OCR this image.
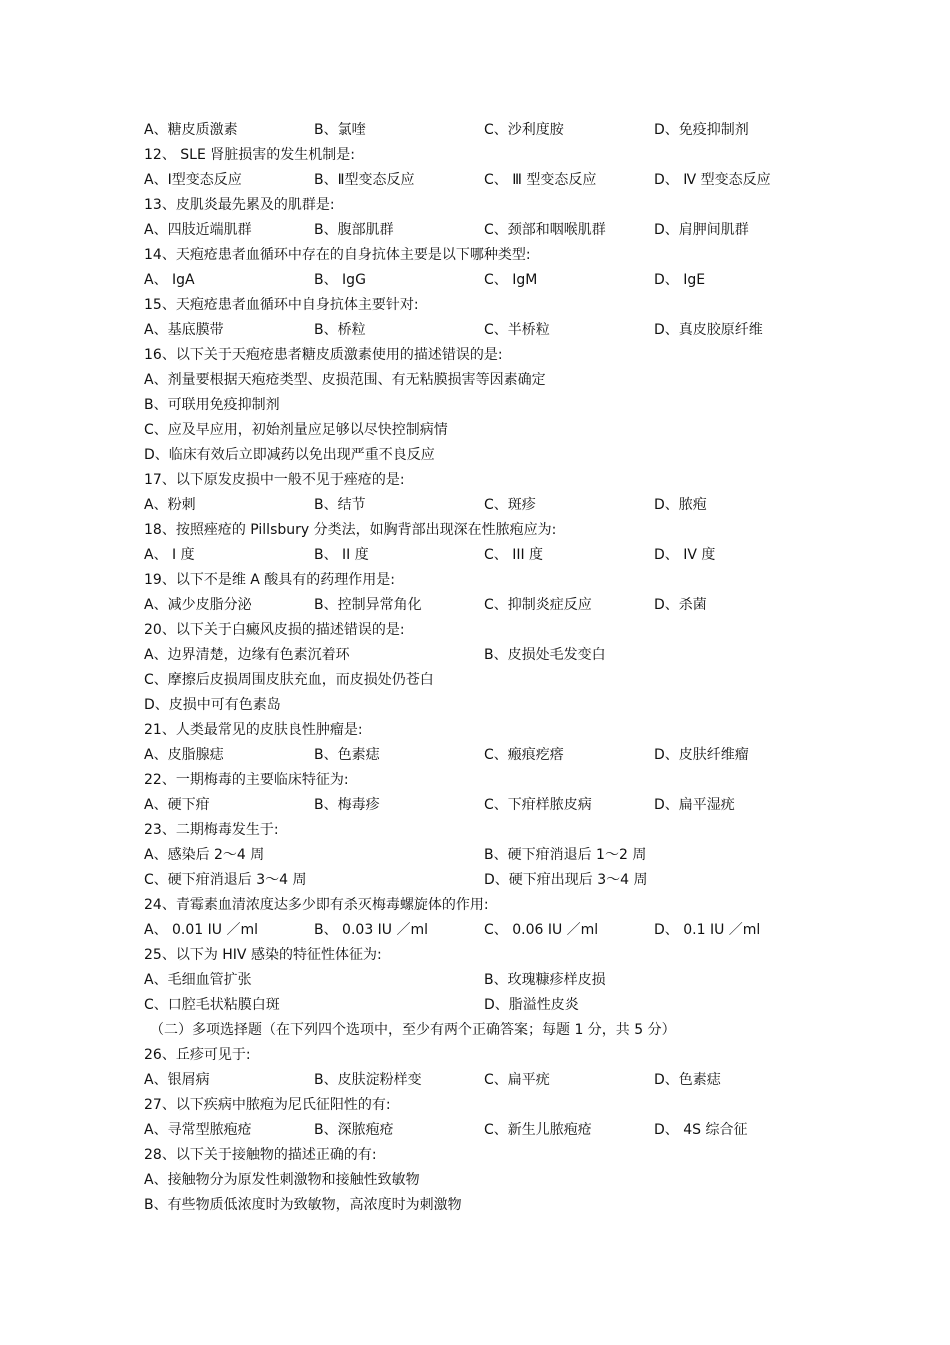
A、糖皮质激素	B、氯喹	C、沙利度胺	D、免疫抑制剂
12、 SLE 肾脏损害的发生机制是:
A、Ⅰ型变态反应	B、Ⅱ型变态反应	C、 Ⅲ 型变态反应	D、 Ⅳ 型变态反应
13、皮肌炎最先累及的肌群是:
A、四肢近端肌群	B、腹部肌群	C、颈部和咽喉肌群	D、肩胛间肌群
14、天疱疮患者血循环中存在的自身抗体主要是以下哪种类型:
A、 IgA	B、 IgG	C、 IgM	D、 IgE
15、天疱疮患者血循环中自身抗体主要针对:
A、基底膜带	B、桥粒	C、半桥粒	D、真皮胶原纤维
16、以下关于天疱疮患者糖皮质激素使用的描述错误的是:
A、剂量要根据天疱疮类型、皮损范围、有无粘膜损害等因素确定
B、可联用免疫抑制剂
C、应及早应用，初始剂量应足够以尽快控制病情
D、临床有效后立即减药以免出现严重不良反应
17、以下原发皮损中一般不见于痤疮的是:
A、粉刺	B、结节	C、斑疹	D、脓疱
18、按照痤疮的 Pillsbury 分类法，如胸背部出现深在性脓疱应为:
A、 I 度	B、 II 度	C、 III 度	D、 IV 度
19、以下不是维 A 酸具有的药理作用是:
A、减少皮脂分泌	B、控制异常角化	C、抑制炎症反应	D、杀菌
20、以下关于白癜风皮损的描述错误的是:
A、边界清楚，边缘有色素沉着环	B、皮损处毛发变白
C、摩擦后皮损周围皮肤充血，而皮损处仍苍白
D、皮损中可有色素岛
21、人类最常见的皮肤良性肿瘤是:
A、皮脂腺痣	B、色素痣	C、瘢痕疙瘩	D、皮肤纤维瘤
22、一期梅毒的主要临床特征为:
A、硬下疳	B、梅毒疹	C、下疳样脓皮病	D、扁平湿疣
23、二期梅毒发生于:
A、感染后 2～4 周	B、硬下疳消退后 1～2 周
C、硬下疳消退后 3～4 周	D、硬下疳出现后 3～4 周
24、青霉素血清浓度达多少即有杀灭梅毒螺旋体的作用:
A、 0.01 IU ／ml	B、 0.03 IU ／ml	C、 0.06 IU ／ml	D、 0.1 IU ／ml
25、以下为 HIV 感染的特征性体征为:
A、毛细血管扩张	B、玫瑰糠疹样皮损
C、口腔毛状粘膜白斑	D、脂溢性皮炎
（二）多项选择题（在下列四个选项中，至少有两个正确答案；每题 1 分，共 5 分）
26、丘疹可见于:
A、银屑病	B、皮肤淀粉样变	C、扁平疣	D、色素痣
27、以下疾病中脓疱为尼氏征阳性的有:
A、寻常型脓疱疮	B、深脓疱疮	C、新生儿脓疱疮	D、 4S 综合征
28、以下关于接触物的描述正确的有:
A、接触物分为原发性刺激物和接触性致敏物
B、有些物质低浓度时为致敏物，高浓度时为刺激物
